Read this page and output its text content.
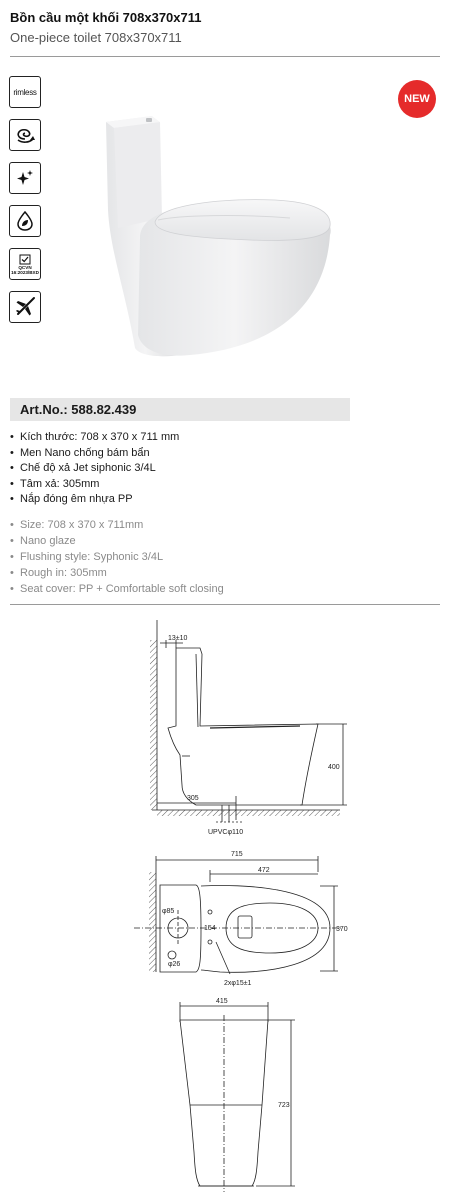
Bồn cầu một khối 708x370x711
One-piece toilet 708x370x711
rimless
QCVN
16:2023/BXD
NEW
Art.No.: 588.82.439
• Kích thước: 708 x 370 x 711 mm
• Men Nano chống bám bẩn
• Chế độ xả Jet siphonic 3/4L
• Tâm xả: 305mm
• Nắp đóng êm nhựa PP
• Size: 708 x 370 x 711mm
• Nano glaze
• Flushing style: Syphonic 3/4L
• Rough in: 305mm
• Seat cover: PP + Comfortable soft closing
13±10
400
305
UPVCφ110
715
472
370
φ85
154
φ26
2xφ15±1
415
723
